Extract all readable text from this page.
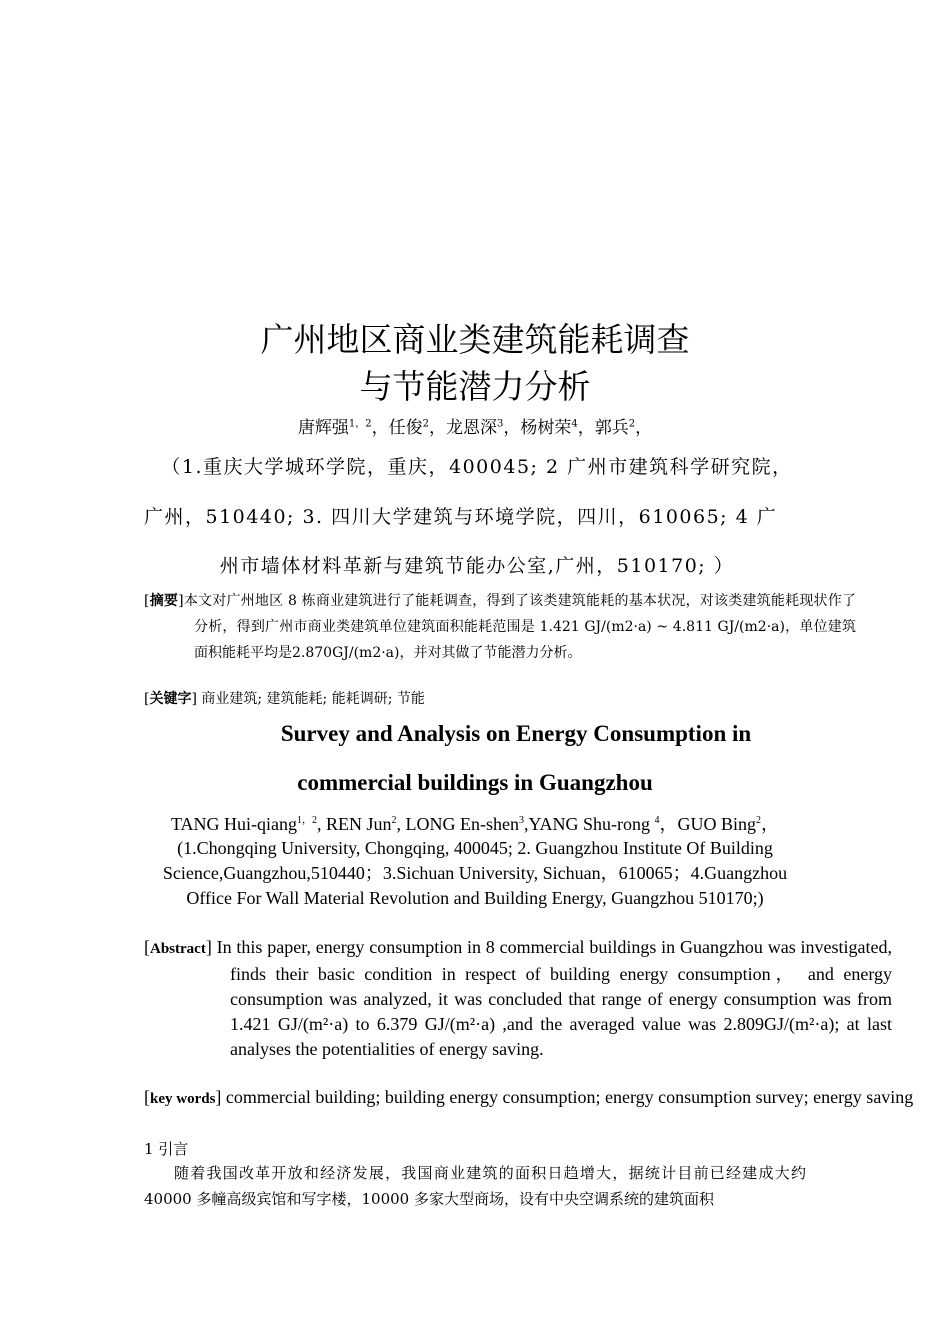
广州地区商业类建筑能耗调查
与节能潜力分析
唐辉强$^{1,2}$，任俊$^2$，龙恩深$^3$，杨树荣$^4$，郭兵$^2$，
（1.重庆大学城环学院，重庆，400045; 2 广州市建筑科学研究院，
广州，510440; 3. 四川大学建筑与环境学院，四川，610065; 4 广
州市墙体材料革新与建筑节能办公室,广州，510170; ）
[摘要]本文对广州地区 8 栋商业建筑进行了能耗调查，得到了该类建筑能耗的基本状况，对该类建筑能耗现状作了分析，得到广州市商业类建筑单位建筑面积能耗范围是 1.421 GJ/(m2·a) ~ 4.811 GJ/(m2·a)，单位建筑面积能耗平均是2.870GJ/(m2·a)，并对其做了节能潜力分析。
[关键字] 商业建筑; 建筑能耗; 能耗调研; 节能
Survey and Analysis on Energy Consumption in
commercial buildings in Guangzhou
TANG Hui-qiang$^{1,2}$, REN Jun$^2$, LONG En-shen$^3$,YANG Shu-rong $^4$，GUO Bing$^2$，
(1.Chongqing University, Chongqing, 400045; 2. Guangzhou Institute Of Building Science,Guangzhou,510440；3.Sichuan University, Sichuan，610065；4.Guangzhou Office For Wall Material Revolution and Building Energy, Guangzhou 510170;)
[Abstract] In this paper, energy consumption in 8 commercial buildings in Guangzhou was investigated, finds their basic condition in respect of building energy consumption， and energy consumption was analyzed, it was concluded that range of energy consumption was from 1.421 GJ/(m²·a) to 6.379 GJ/(m²·a) ,and the averaged value was 2.809GJ/(m²·a); at last analyses the potentialities of energy saving.
[key words] commercial building; building energy consumption; energy consumption survey; energy saving
1 引言
随着我国改革开放和经济发展，我国商业建筑的面积日趋增大，据统计目前已经建成大约 40000 多幢高级宾馆和写字楼，10000 多家大型商场，设有中央空调系统的建筑面积
